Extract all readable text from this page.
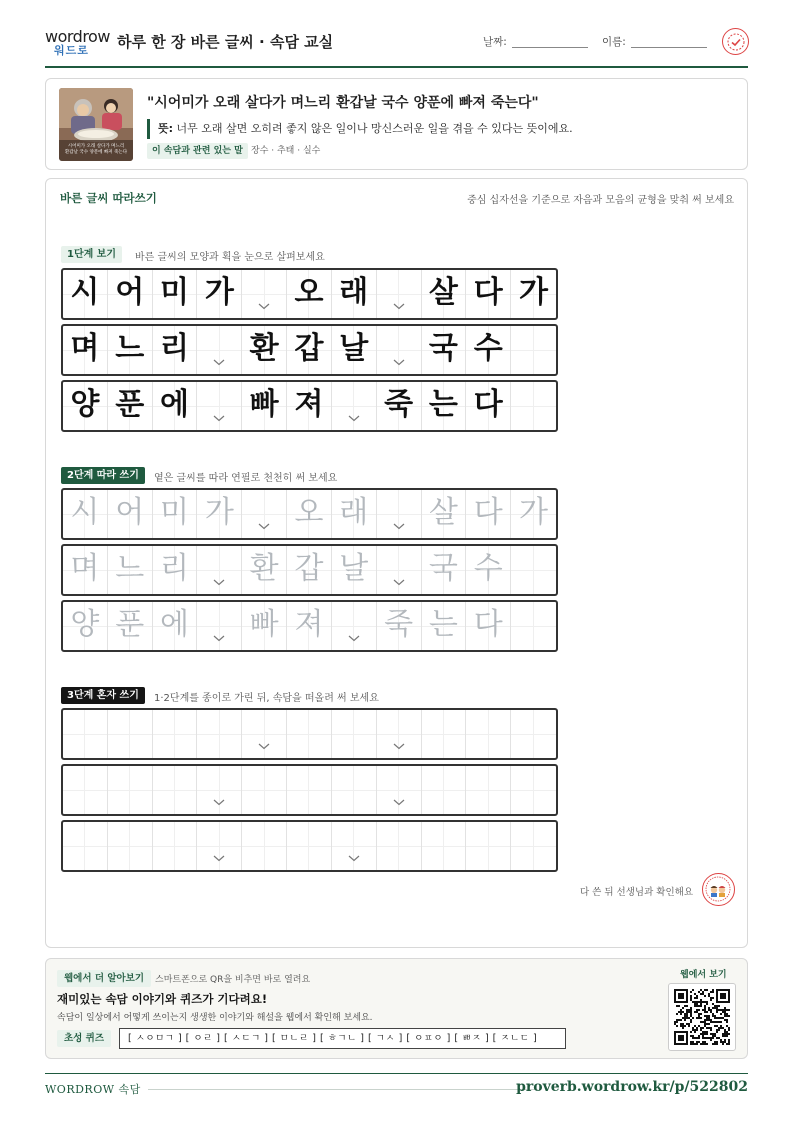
wordrow
워드로 하루 한 장 바른 글씨 · 속담 교실	날짜:	이름:
시어미가 오래 살다가 며느리
환갑날 국수 양푼에 빠져 죽는다
"시어미가 오래 살다가 며느리 환갑날 국수 양푼에 빠져 죽는다"
뜻: 너무 오래 살면 오히려 좋지 않은 일이나 망신스러운 일을 겪을 수 있다는 뜻이에요.
이 속담과 관련 있는 말 장수 · 추태 · 실수
바른 글씨 따라쓰기	중심 십자선을 기준으로 자음과 모음의 균형을 맞춰 써 보세요
1단계 보기	바른 글씨의 모양과 획을 눈으로 살펴보세요
2단계 따라 쓰기	옅은 글씨를 따라 연필로 천천히 써 보세요
3단계 혼자 쓰기	1·2단계를 종이로 가린 뒤, 속담을 떠올려 써 보세요
시 어 미 가 오 래 살 다 가
며 느 리 환 갑 날 국 수
양 푼 에 빠 져 죽 는 다
시 어 미 가 오 래 살 다 가
며 느 리 환 갑 날 국 수
양 푼 에 빠 져 죽 는 다
다 쓴 뒤 선생님과 확인해요
웹에서 더 알아보기	스마트폰으로 QR을 비추면 바로 열려요
재미있는 속담 이야기와 퀴즈가 기다려요!
속담이 일상에서 어떻게 쓰이는지 생생한 이야기와 해설을 웹에서 확인해 보세요.
초성 퀴즈	[ ㅅㅇㅁㄱ ] [ ㅇㄹ ] [ ㅅㄷㄱ ] [ ㅁㄴㄹ ] [ ㅎㄱㄴ ] [ ㄱㅅ ] [ ㅇㅍㅇ ] [ ㅃㅈ ] [ ㅈㄴㄷ ]
웹에서 보기
WORDROW 속담	proverb.wordrow.kr/p/522802
